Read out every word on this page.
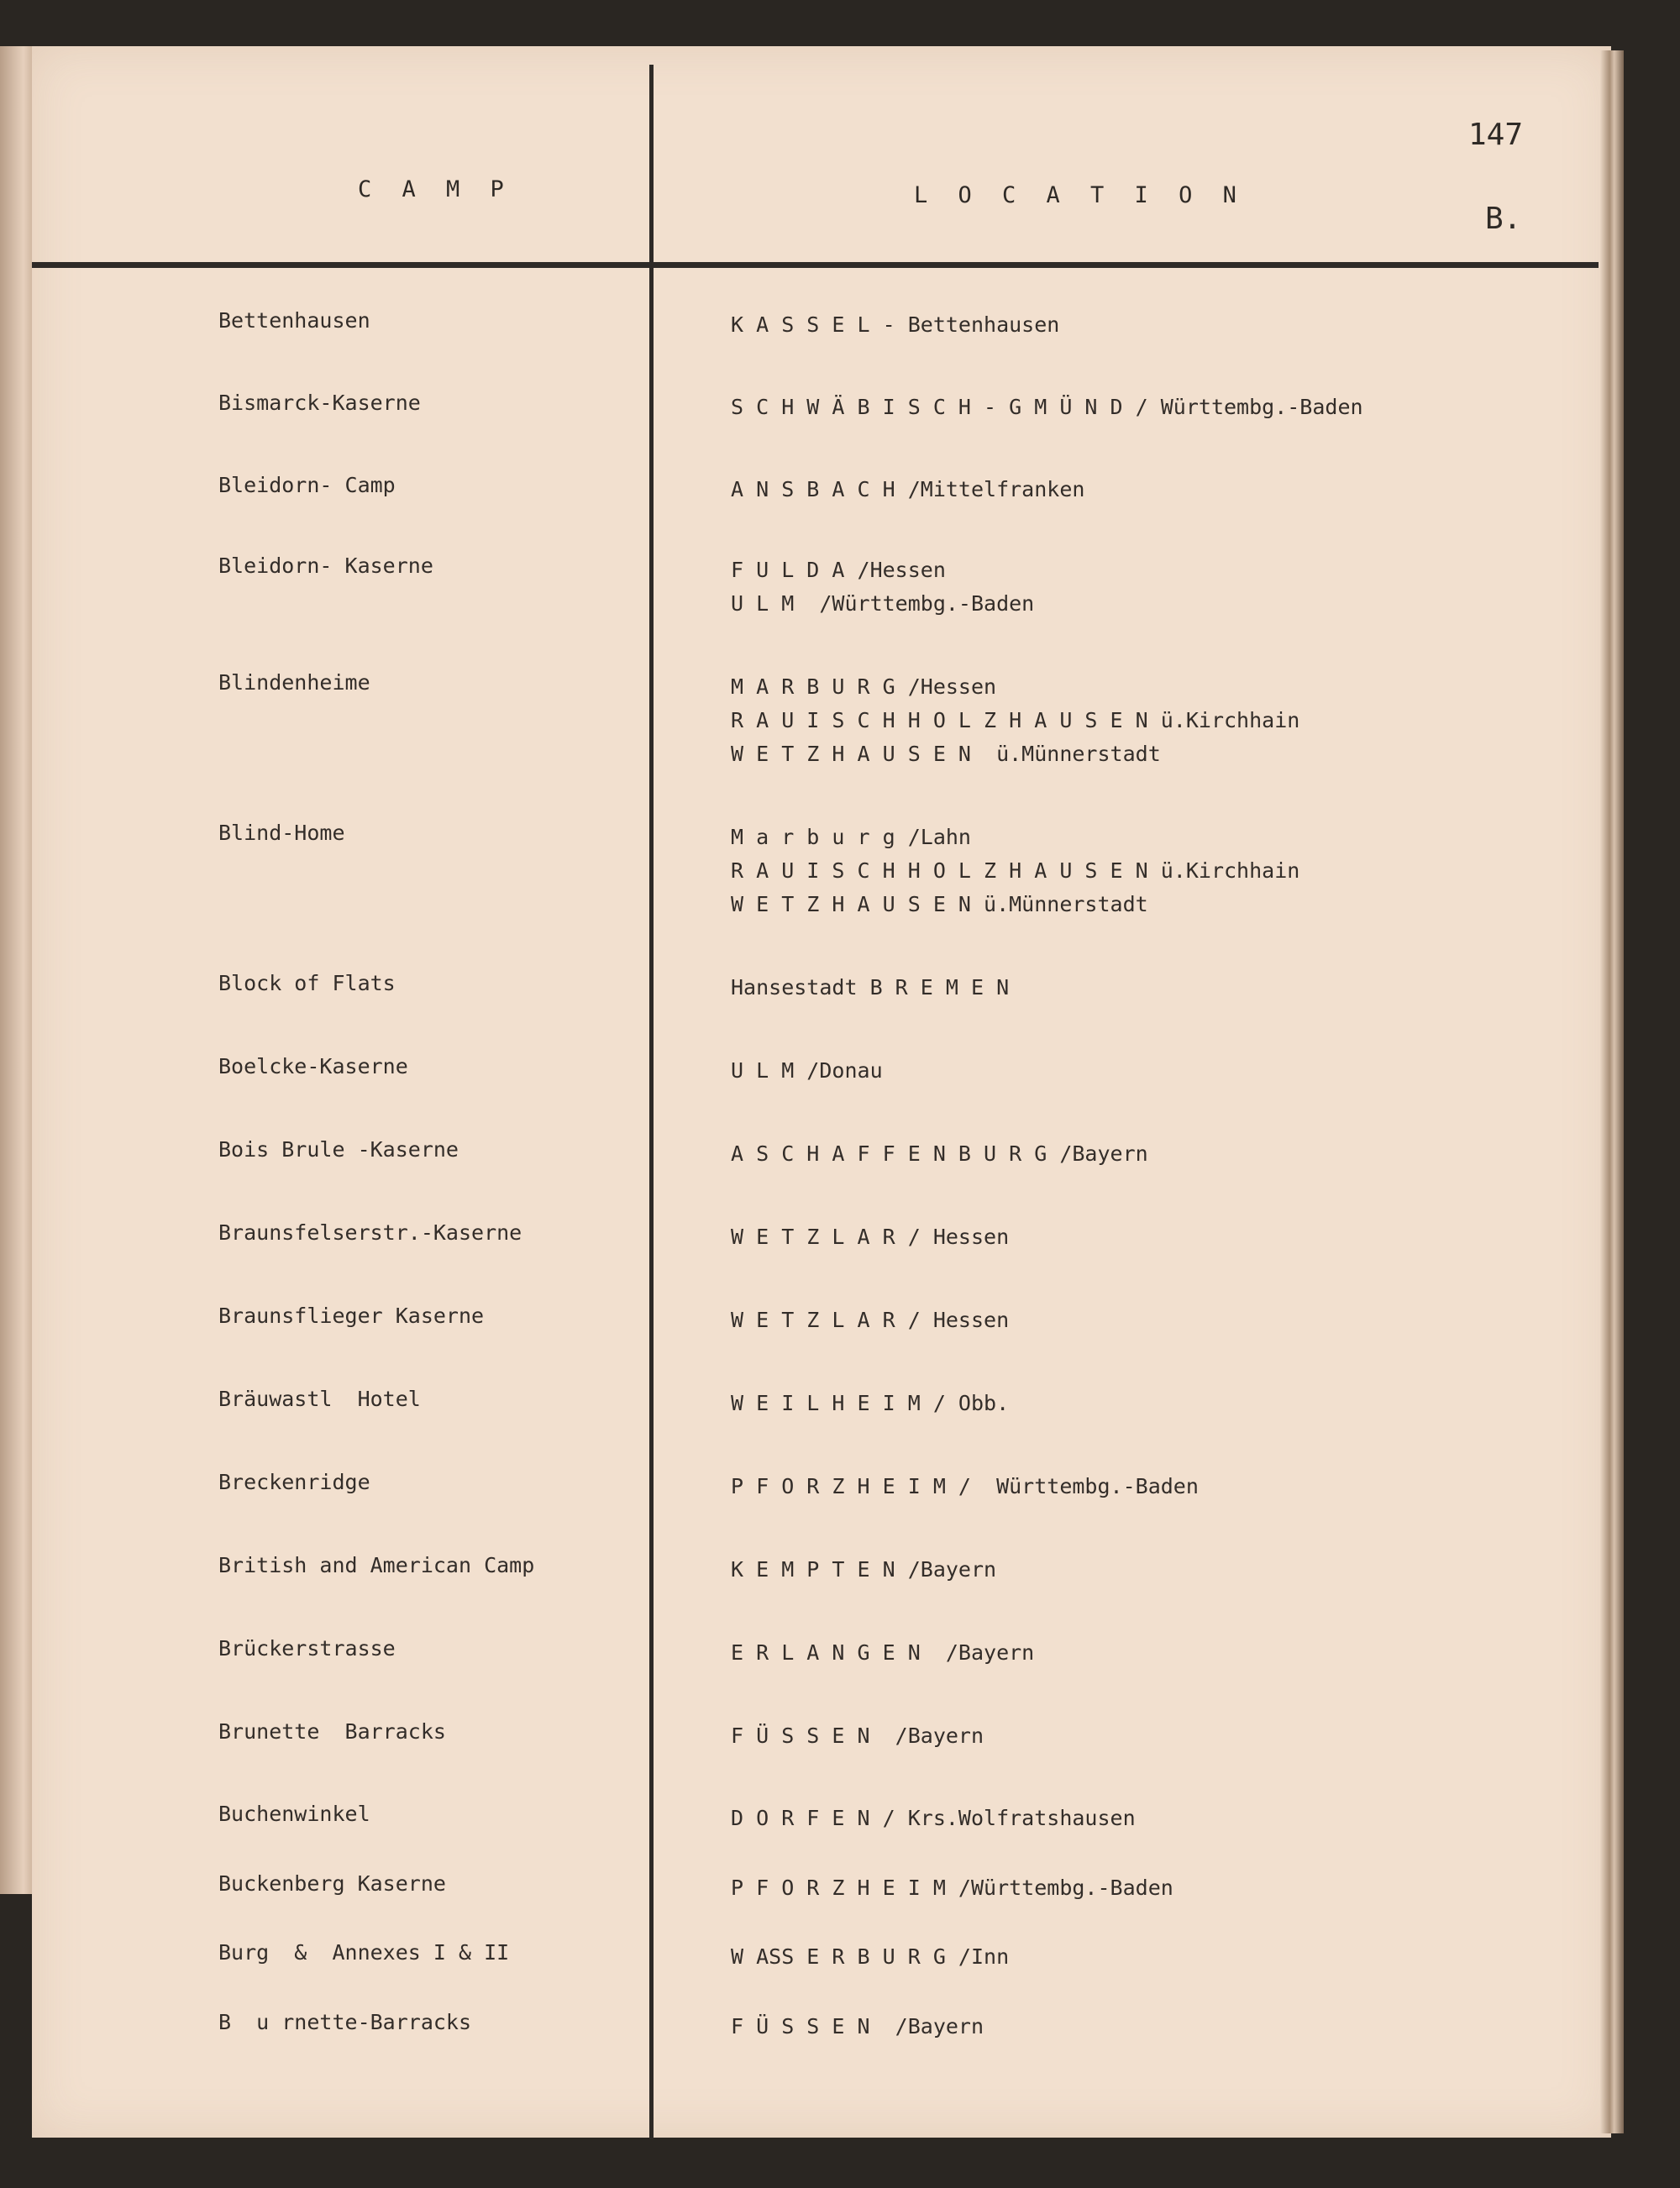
C A M P	L O C A T I O N
147
B.
Bettenhausen	K A S S E L - Bettenhausen
Bismarck-Kaserne	S C H W Ä B I S C H - G M Ü N D / Württembg.-Baden
Bleidorn- Camp	A N S B A C H /Mittelfranken
Bleidorn- Kaserne	F U L D A /Hessen
U L M  /Württembg.-Baden
Blindenheime	M A R B U R G /Hessen
R A U I S C H H O L Z H A U S E N ü.Kirchhain
W E T Z H A U S E N  ü.Münnerstadt
Blind-Home	M a r b u r g /Lahn
R A U I S C H H O L Z H A U S E N ü.Kirchhain
W E T Z H A U S E N ü.Münnerstadt
Block of Flats	Hansestadt B R E M E N
Boelcke-Kaserne	U L M /Donau
Bois Brule -Kaserne	A S C H A F F E N B U R G /Bayern
Braunsfelserstr.-Kaserne	W E T Z L A R / Hessen
Braunsflieger Kaserne	W E T Z L A R / Hessen
Bräuwastl  Hotel	W E I L H E I M / Obb.
Breckenridge	P F O R Z H E I M /  Württembg.-Baden
British and American Camp	K E M P T E N /Bayern
Brückerstrasse	E R L A N G E N  /Bayern
Brunette  Barracks	F Ü S S E N  /Bayern
Buchenwinkel	D O R F E N / Krs.Wolfratshausen
Buckenberg Kaserne	P F O R Z H E I M /Württembg.-Baden
Burg  &  Annexes I & II	W ASS E R B U R G /Inn
B  u rnette-Barracks	F Ü S S E N  /Bayern
